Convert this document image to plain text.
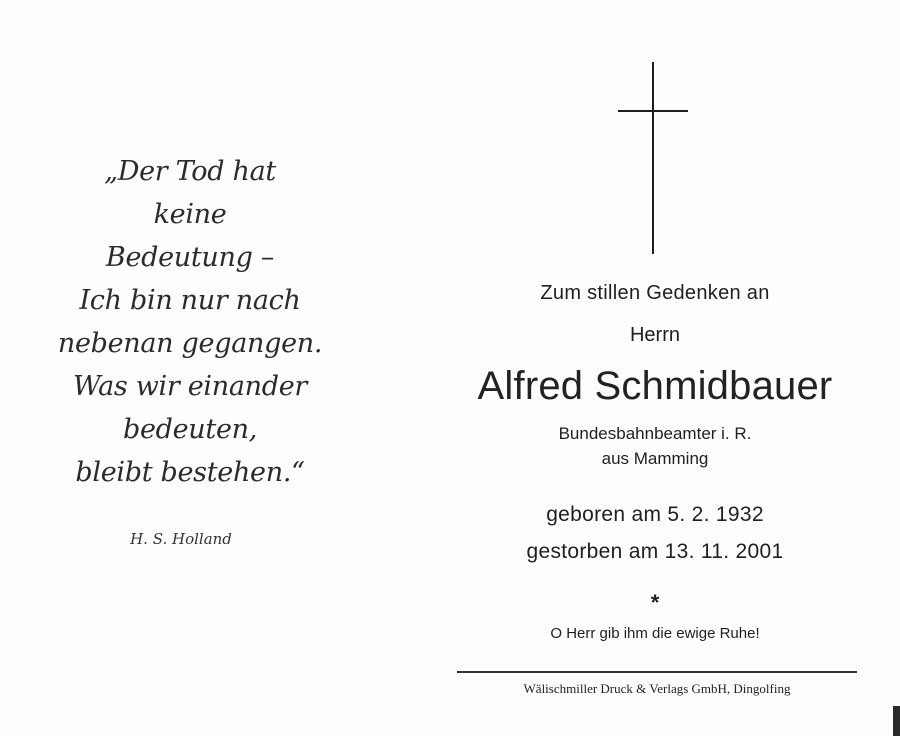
„Der Tod hat
keine
Bedeutung –
Ich bin nur nach
nebenan gegangen.
Was wir einander
bedeuten,
bleibt bestehen.“
H. S. Holland
Zum stillen Gedenken an
Herrn
Alfred Schmidbauer
Bundesbahnbeamter i. R.
aus Mamming
geboren am 5. 2. 1932
gestorben am 13. 11. 2001
*
O Herr gib ihm die ewige Ruhe!
Wälischmiller Druck & Verlags GmbH, Dingolfing
